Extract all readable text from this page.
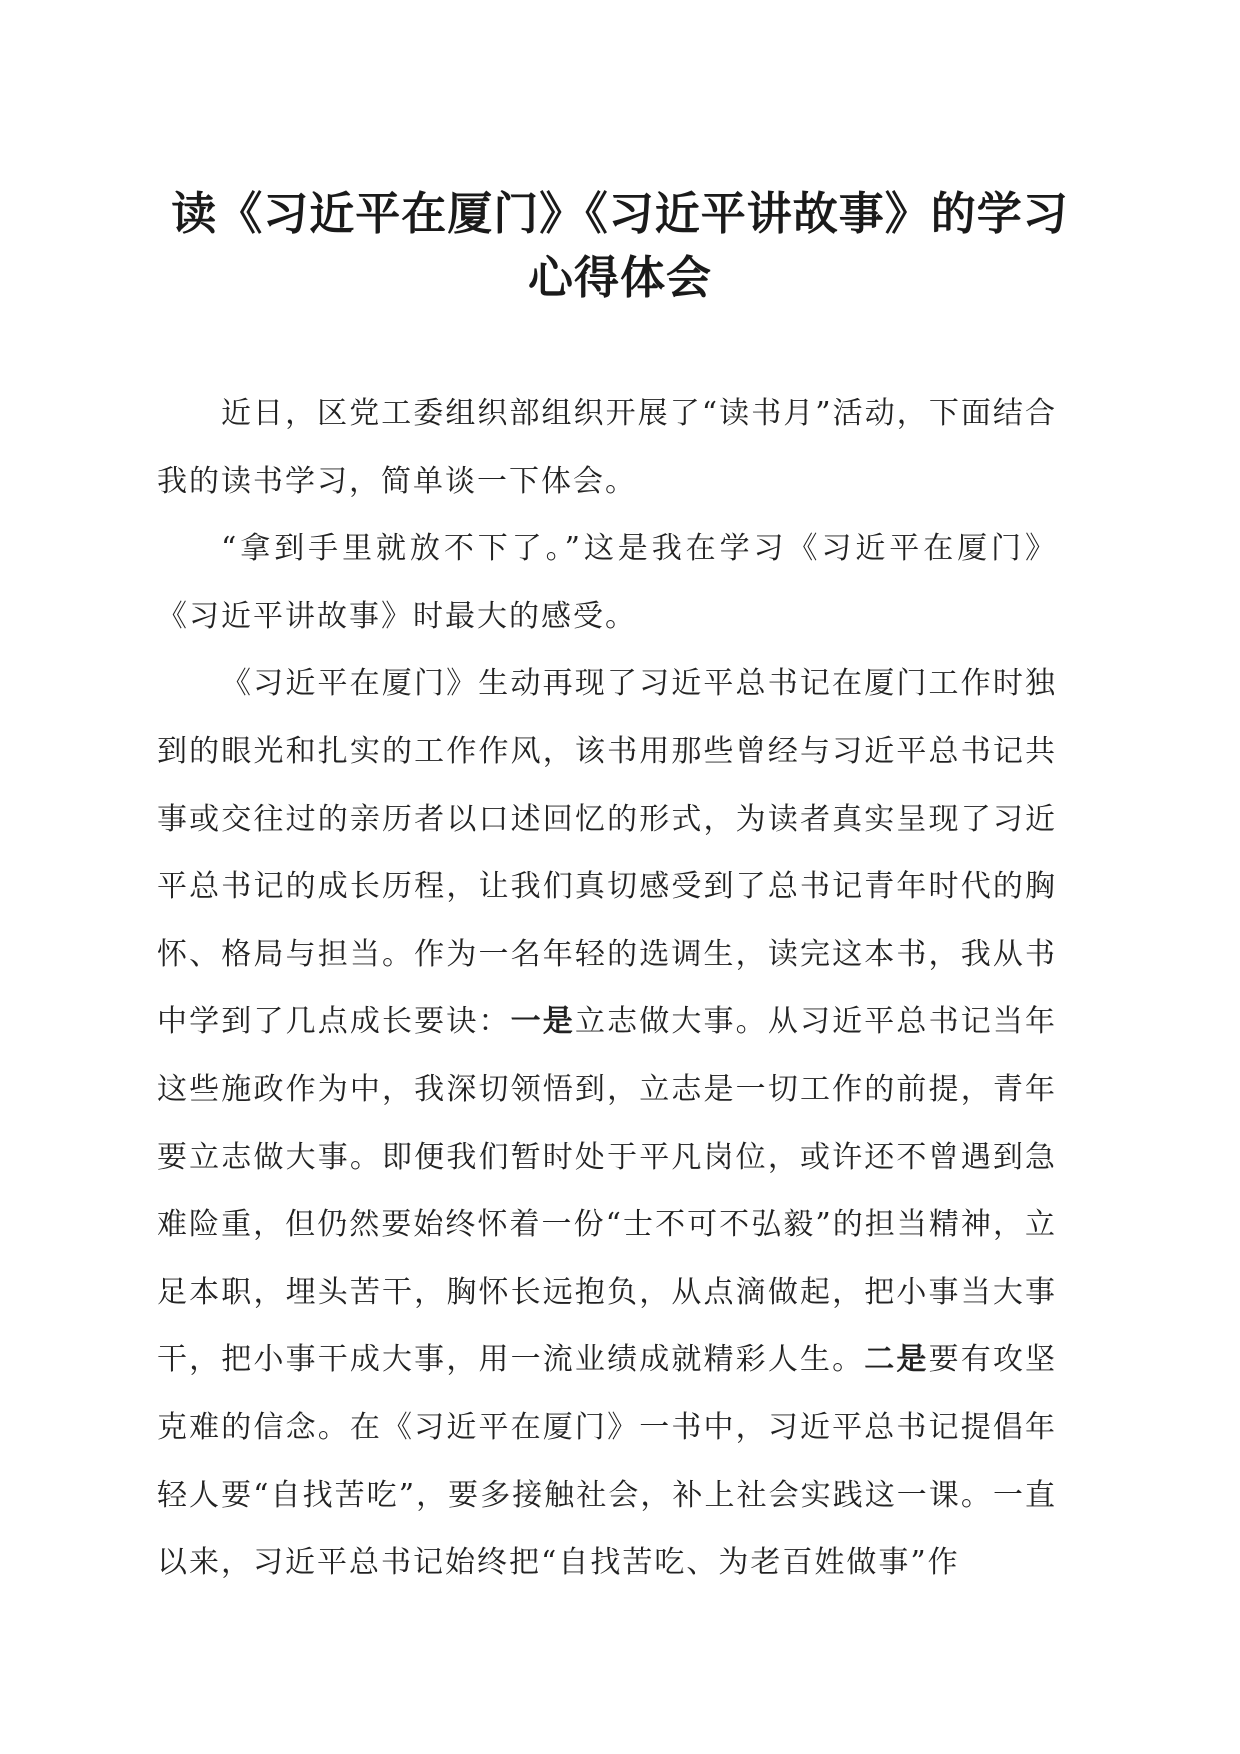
读《习近平在厦门》《习近平讲故事》的学习
心得体会

近日，区党工委组织部组织开展了“读书月”活动，下面结合我的读书学习，简单谈一下体会。

“拿到手里就放不下了。”这是我在学习《习近平在厦门》《习近平讲故事》时最大的感受。

《习近平在厦门》生动再现了习近平总书记在厦门工作时独到的眼光和扎实的工作作风，该书用那些曾经与习近平总书记共事或交往过的亲历者以口述回忆的形式，为读者真实呈现了习近平总书记的成长历程，让我们真切感受到了总书记青年时代的胸怀、格局与担当。作为一名年轻的选调生，读完这本书，我从书中学到了几点成长要诀：一是立志做大事。从习近平总书记当年这些施政作为中，我深切领悟到，立志是一切工作的前提，青年要立志做大事。即便我们暂时处于平凡岗位，或许还不曾遇到急难险重，但仍然要始终怀着一份“士不可不弘毅”的担当精神，立足本职，埋头苦干，胸怀长远抱负，从点滴做起，把小事当大事干，把小事干成大事，用一流业绩成就精彩人生。二是要有攻坚克难的信念。在《习近平在厦门》一书中，习近平总书记提倡年轻人要“自找苦吃”，要多接触社会，补上社会实践这一课。一直以来，习近平总书记始终把“自找苦吃、为老百姓做事”作
